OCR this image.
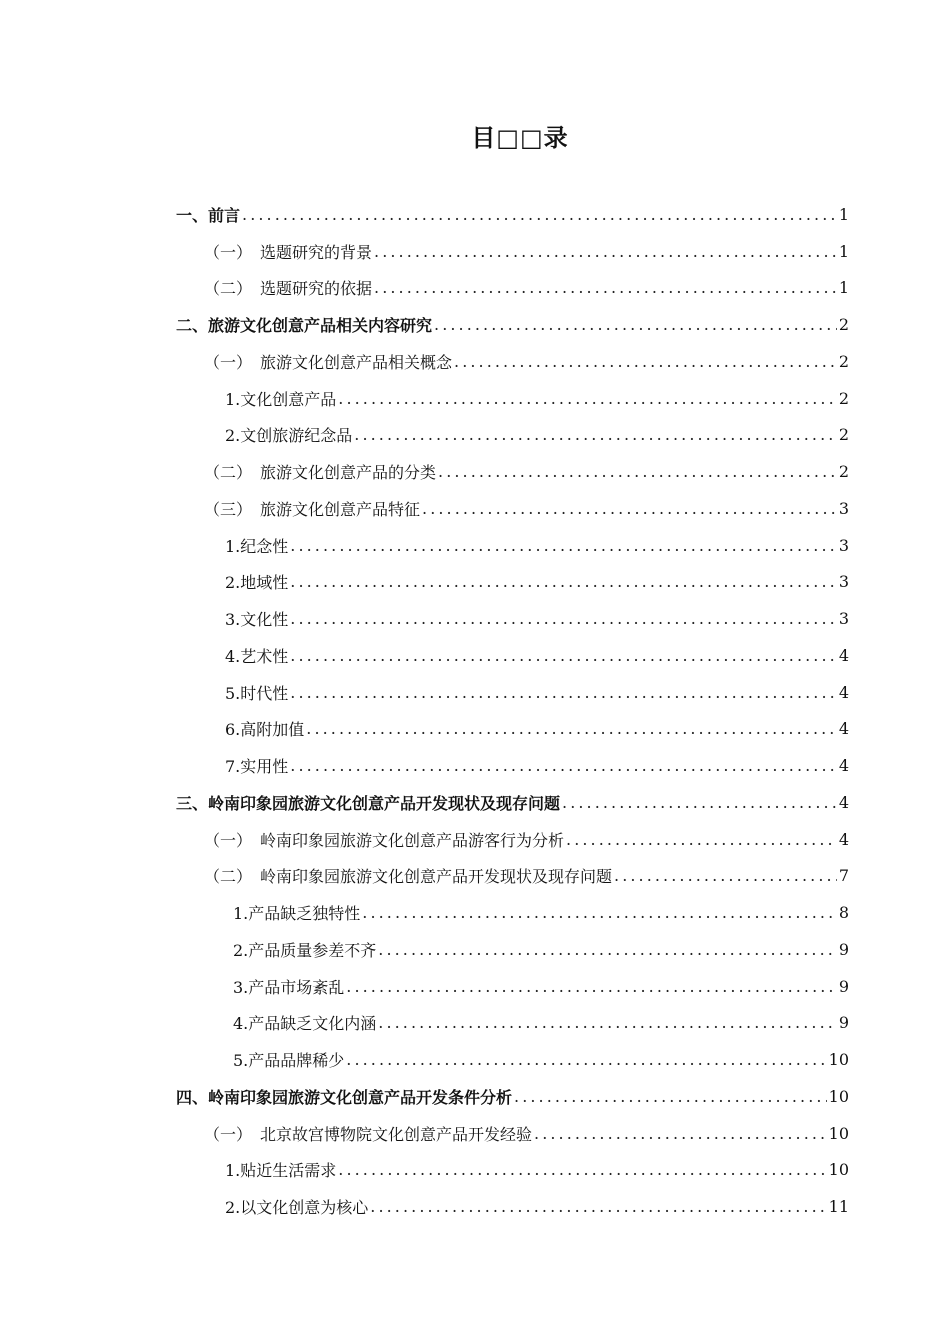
目□□录
一、前言 . . .	1
（一） 选题研究的背景 . . .	1
（二） 选题研究的依据 . . .	1
二、旅游文化创意产品相关内容研究 . . .	2
（一） 旅游文化创意产品相关概念 . . .	2
1.文化创意产品 . . .	2
2.文创旅游纪念品 . . .	2
（二） 旅游文化创意产品的分类 . . .	2
（三） 旅游文化创意产品特征 . . .	3
1.纪念性 . . .	3
2.地域性 . . .	3
3.文化性 . . .	3
4.艺术性 . . .	4
5.时代性 . . .	4
6.高附加值 . . .	4
7.实用性 . . .	4
三、岭南印象园旅游文化创意产品开发现状及现存问题 . . .	4
（一） 岭南印象园旅游文化创意产品游客行为分析 . . .	4
（二） 岭南印象园旅游文化创意产品开发现状及现存问题 . . .	7
1.产品缺乏独特性 . . .	8
2.产品质量参差不齐 . . .	9
3.产品市场紊乱 . . .	9
4.产品缺乏文化内涵 . . .	9
5.产品品牌稀少 . . .	10
四、岭南印象园旅游文化创意产品开发条件分析 . . .	10
（一） 北京故宫博物院文化创意产品开发经验 . . .	10
1.贴近生活需求 . . .	10
2.以文化创意为核心 . . .	11
